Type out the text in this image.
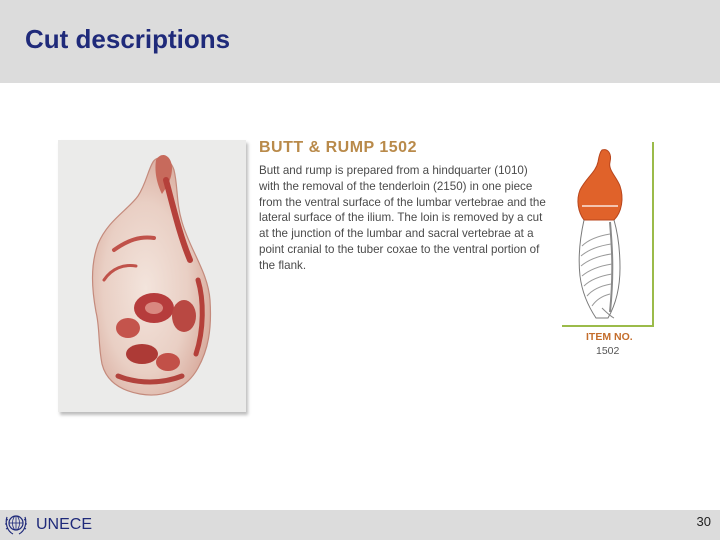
Cut descriptions
BUTT & RUMP 1502
Butt and rump is prepared from a hindquarter (1010) with the removal of the tenderloin (2150) in one piece from the ventral surface of the lumbar vertebrae and the lateral surface of the ilium. The loin is removed by a cut at the junction of the lumbar and sacral vertebrae at a point cranial to the tuber coxae to the ventral portion of the flank.
ITEM NO.
1502
UNECE	30
